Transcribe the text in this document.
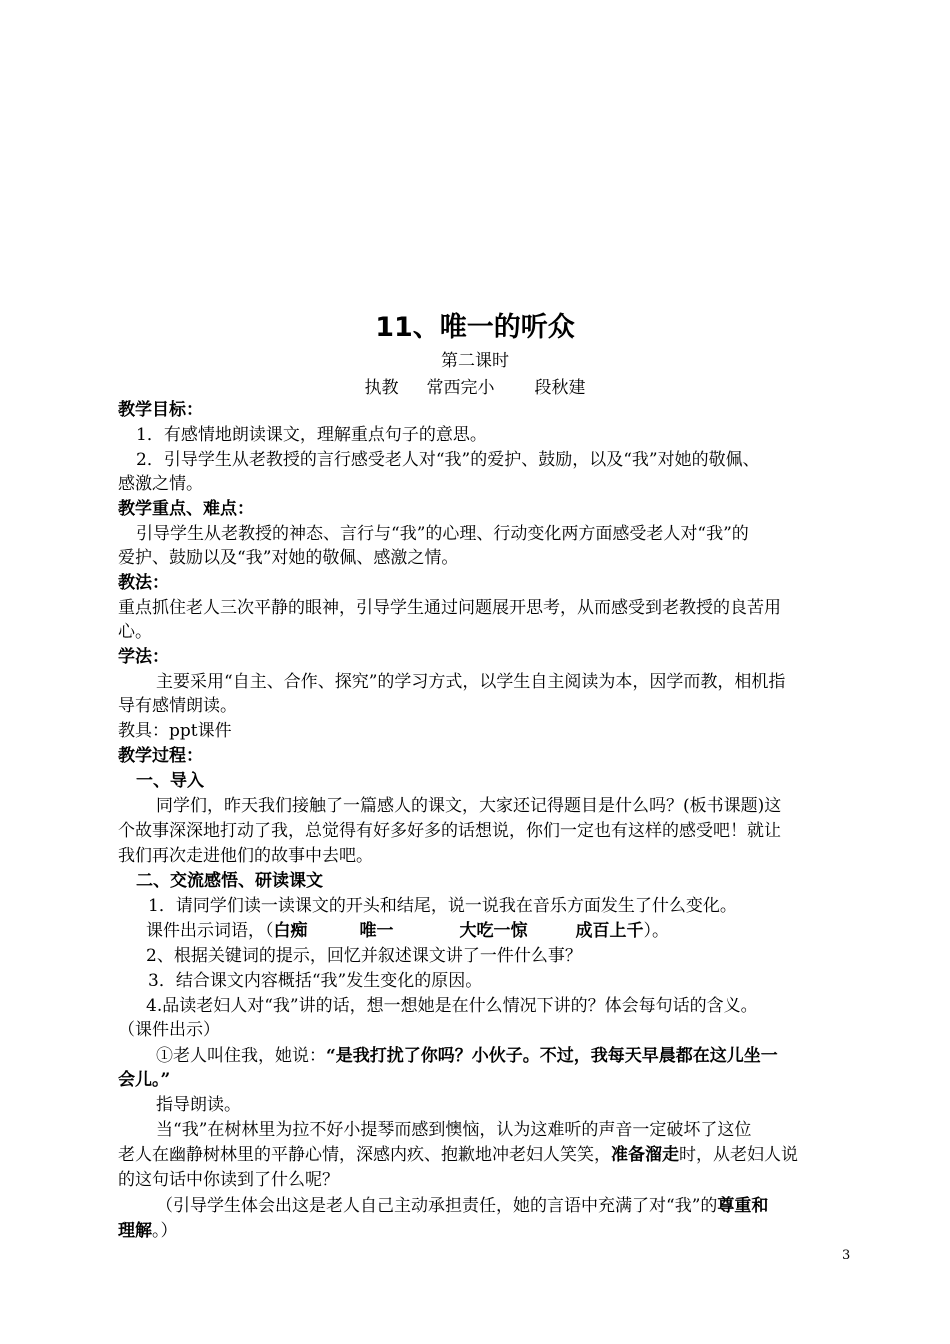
11、唯一的听众
第二课时
执教 常西完小 段秋建
教学目标：
1．有感情地朗读课文，理解重点句子的意思。
2．引导学生从老教授的言行感受老人对“我”的爱护、鼓励，以及“我”对她的敬佩、
感激之情。
教学重点、难点：
引导学生从老教授的神态、言行与“我”的心理、行动变化两方面感受老人对“我”的
爱护、鼓励以及“我”对她的敬佩、感激之情。
教法：
重点抓住老人三次平静的眼神，引导学生通过问题展开思考，从而感受到老教授的良苦用
心。
学法：
主要采用“自主、合作、探究”的学习方式，以学生自主阅读为本，因学而教，相机指
导有感情朗读。
教具：ppt课件
教学过程：
一、导入
同学们，昨天我们接触了一篇感人的课文，大家还记得题目是什么吗？(板书课题)这
个故事深深地打动了我，总觉得有好多好多的话想说，你们一定也有这样的感受吧！就让
我们再次走进他们的故事中去吧。
二、交流感悟、研读课文
1．请同学们读一读课文的开头和结尾，说一说我在音乐方面发生了什么变化。
课件出示词语，（白痴	唯一	大吃一惊	成百上千）。
2、根据关键词的提示，回忆并叙述课文讲了一件什么事？
3．结合课文内容概括“我”发生变化的原因。
4.品读老妇人对“我”讲的话，想一想她是在什么情况下讲的？体会每句话的含义。
（课件出示）
①老人叫住我，她说：“是我打扰了你吗？小伙子。不过，我每天早晨都在这儿坐一
会儿。”
指导朗读。
当“我”在树林里为拉不好小提琴而感到懊恼，认为这难听的声音一定破坏了这位
老人在幽静树林里的平静心情，深感内疚、抱歉地冲老妇人笑笑，准备溜走时，从老妇人说
的这句话中你读到了什么呢？
（引导学生体会出这是老人自己主动承担责任，她的言语中充满了对“我”的尊重和
理解。）
3
